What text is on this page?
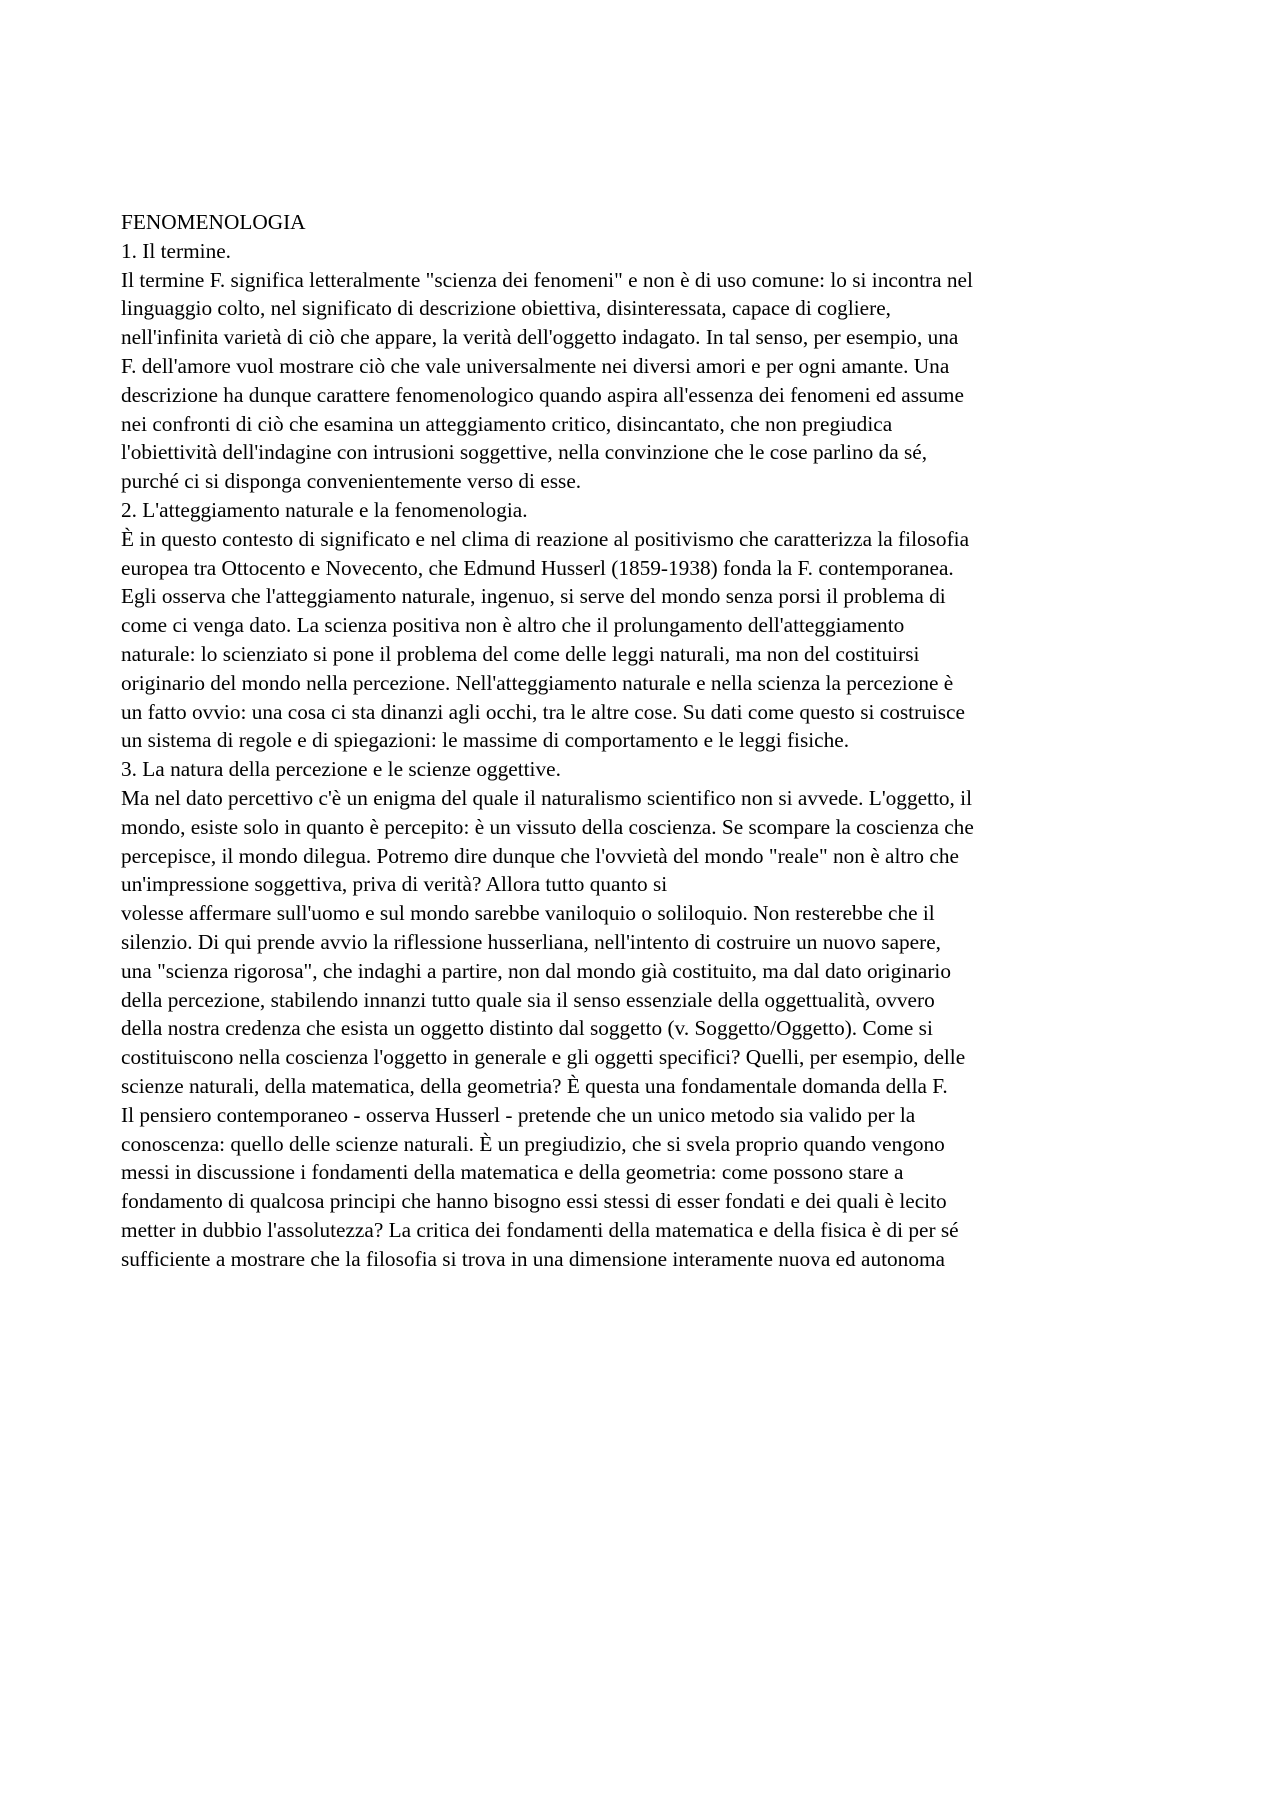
FENOMENOLOGIA

1. Il termine.

Il termine F. significa letteralmente "scienza dei fenomeni" e non è di uso comune: lo si incontra nel
linguaggio colto, nel significato di descrizione obiettiva, disinteressata, capace di cogliere,
nell'infinita varietà di ciò che appare, la verità dell'oggetto indagato. In tal senso, per esempio, una
F. dell'amore vuol mostrare ciò che vale universalmente nei diversi amori e per ogni amante. Una
descrizione ha dunque carattere fenomenologico quando aspira all'essenza dei fenomeni ed assume
nei confronti di ciò che esamina un atteggiamento critico, disincantato, che non pregiudica
l'obiettività dell'indagine con intrusioni soggettive, nella convinzione che le cose parlino da sé,
purché ci si disponga convenientemente verso di esse.

2. L'atteggiamento naturale e la fenomenologia.

È in questo contesto di significato e nel clima di reazione al positivismo che caratterizza la filosofia
europea tra Ottocento e Novecento, che Edmund Husserl (1859-1938) fonda la F. contemporanea.
Egli osserva che l'atteggiamento naturale, ingenuo, si serve del mondo senza porsi il problema di
come ci venga dato. La scienza positiva non è altro che il prolungamento dell'atteggiamento
naturale: lo scienziato si pone il problema del come delle leggi naturali, ma non del costituirsi
originario del mondo nella percezione. Nell'atteggiamento naturale e nella scienza la percezione è
un fatto ovvio: una cosa ci sta dinanzi agli occhi, tra le altre cose. Su dati come questo si costruisce
un sistema di regole e di spiegazioni: le massime di comportamento e le leggi fisiche.

3. La natura della percezione e le scienze oggettive.
Ma nel dato percettivo c'è un enigma del quale il naturalismo scientifico non si avvede. L'oggetto, il
mondo, esiste solo in quanto è percepito: è un vissuto della coscienza. Se scompare la coscienza che
percepisce, il mondo dilegua. Potremo dire dunque che l'ovvietà del mondo "reale" non è altro che
un'impressione soggettiva, priva di verità? Allora tutto quanto si
volesse affermare sull'uomo e sul mondo sarebbe vaniloquio o soliloquio. Non resterebbe che il
silenzio. Di qui prende avvio la riflessione husserliana, nell'intento di costruire un nuovo sapere,
una "scienza rigorosa", che indaghi a partire, non dal mondo già costituito, ma dal dato originario
della percezione, stabilendo innanzi tutto quale sia il senso essenziale della oggettualità, ovvero
della nostra credenza che esista un oggetto distinto dal soggetto (v. Soggetto/Oggetto). Come si
costituiscono nella coscienza l'oggetto in generale e gli oggetti specifici? Quelli, per esempio, delle
scienze naturali, della matematica, della geometria? È questa una fondamentale domanda della F.

Il pensiero contemporaneo - osserva Husserl - pretende che un unico metodo sia valido per la
conoscenza: quello delle scienze naturali. È un pregiudizio, che si svela proprio quando vengono
messi in discussione i fondamenti della matematica e della geometria: come possono stare a
fondamento di qualcosa principi che hanno bisogno essi stessi di esser fondati e dei quali è lecito
metter in dubbio l'assolutezza? La critica dei fondamenti della matematica e della fisica è di per sé
sufficiente a mostrare che la filosofia si trova in una dimensione interamente nuova ed autonoma
